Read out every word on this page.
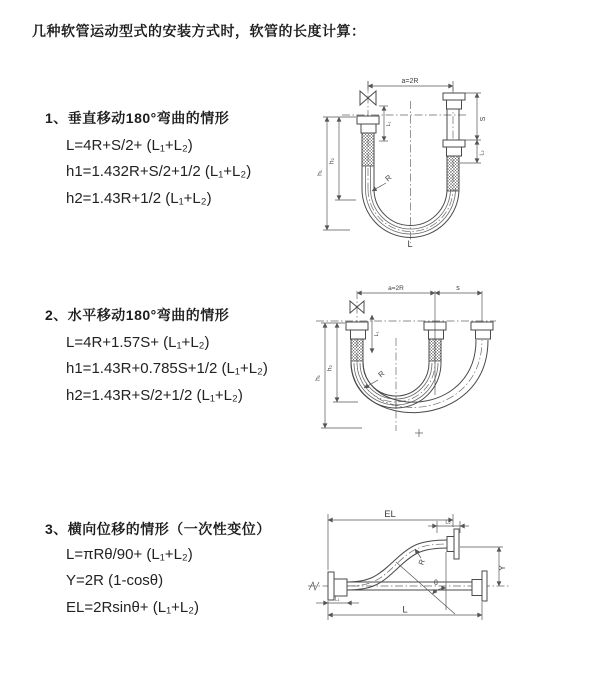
几种软管运动型式的安装方式时，软管的长度计算：
1、垂直移动180°弯曲的情形
L=4R+S/2+ (L₁+L₂)
h1=1.432R+S/2+1/2 (L₁+L₂)
h2=1.43R+1/2 (L₁+L₂)
2、水平移动180°弯曲的情形
L=4R+1.57S+ (L₁+L₂)
h1=1.43R+0.785S+1/2 (L₁+L₂)
h2=1.43R+S/2+1/2 (L₁+L₂)
3、横向位移的情形（一次性变位）
L=πRθ/90+ (L₁+L₂)
Y=2R (1-cosθ)
EL=2Rsinθ+ (L₁+L₂)
a=2R
S
L₂
L₁
h₁
h₂
R
L
a=2R	s
h₁
h₂
L₁
R
EL
L₂
Y
R
θ
L
L₁
